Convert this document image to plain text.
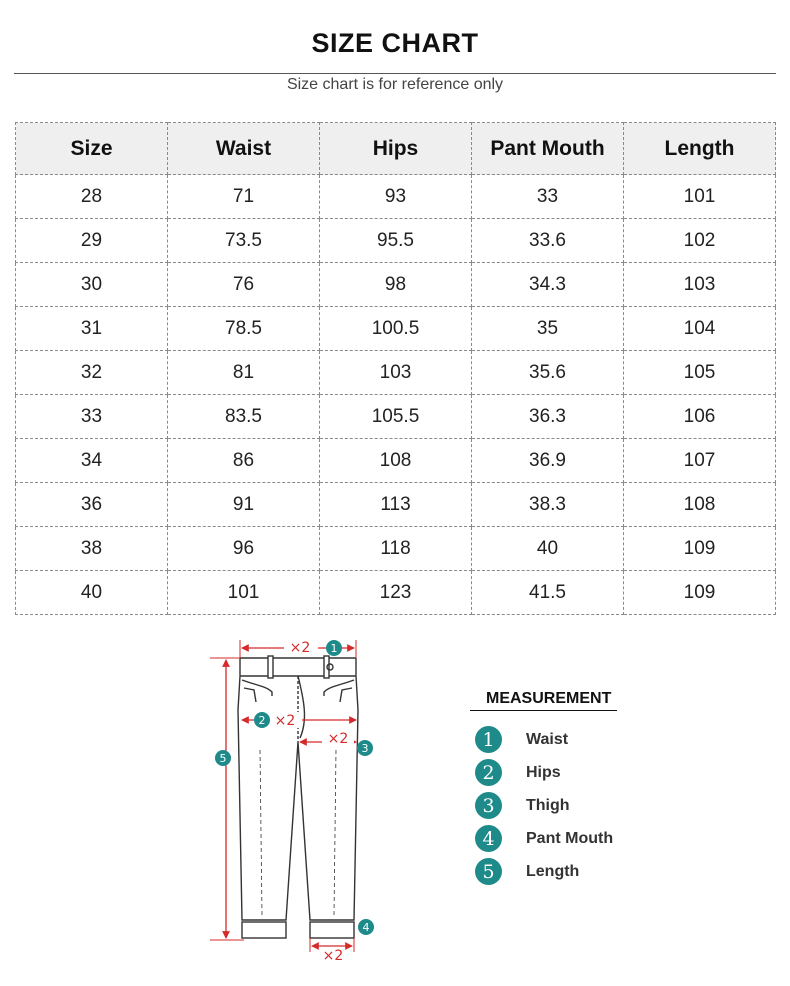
SIZE CHART
Size chart is for reference only
Size	Waist	Hips	Pant Mouth	Length
28	71	93	33	101
29	73.5	95.5	33.6	102
30	76	98	34.3	103
31	78.5	100.5	35	104
32	81	103	35.6	105
33	83.5	105.5	36.3	106
34	86	108	36.9	107
36	91	113	38.3	108
38	96	118	40	109
40	101	123	41.5	109
×2 1
2 ×2
×2
3
5
×2
4
MEASUREMENT
1	Waist
2	Hips
3	Thigh
4	Pant Mouth
5	Length
